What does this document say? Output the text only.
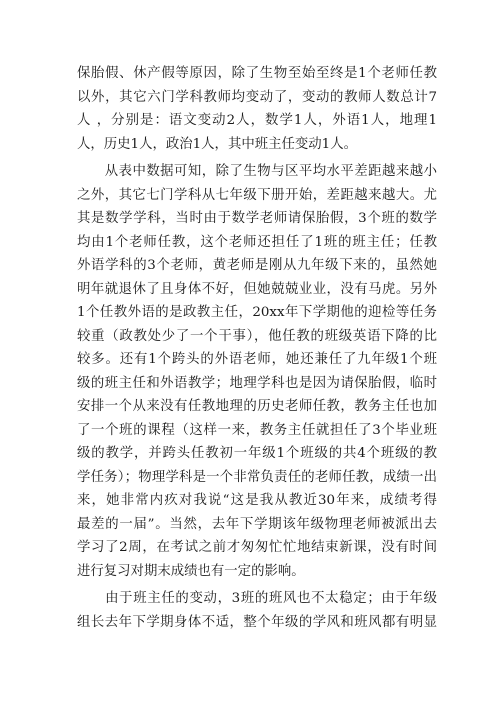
保胎假、休产假等原因，除了生物至始至终是1个老师任教
以外，其它六门学科教师均变动了，变动的教师人数总计7
人 ，分别是：语文变动2人，数学1人，外语1人，地理1
人，历史1人，政治1人，其中班主任变动1人。
　　从表中数据可知，除了生物与区平均水平差距越来越小
之外，其它七门学科从七年级下册开始，差距越来越大。尤
其是数学学科，当时由于数学老师请保胎假，3个班的数学
均由1个老师任教，这个老师还担任了1班的班主任；任教
外语学科的3个老师，黄老师是刚从九年级下来的，虽然她
明年就退休了且身体不好，但她兢兢业业，没有马虎。另外
1个任教外语的是政教主任，20xx年下学期他的迎检等任务
较重（政教处少了一个干事），他任教的班级英语下降的比
较多。还有1个跨头的外语老师，她还兼任了九年级1个班
级的班主任和外语教学；地理学科也是因为请保胎假，临时
安排一个从来没有任教地理的历史老师任教，教务主任也加
了一个班的课程（这样一来，教务主任就担任了3个毕业班
级的教学，并跨头任教初一年级1个班级的共4个班级的教
学任务）；物理学科是一个非常负责任的老师任教，成绩一出
来，她非常内疚对我说“这是我从教近30年来，成绩考得
最差的一届”。当然，去年下学期该年级物理老师被派出去
学习了2周，在考试之前才匆匆忙忙地结束新课，没有时间
进行复习对期末成绩也有一定的影响。
　　由于班主任的变动，3班的班风也不太稳定；由于年级
组长去年下学期身体不适，整个年级的学风和班风都有明显
